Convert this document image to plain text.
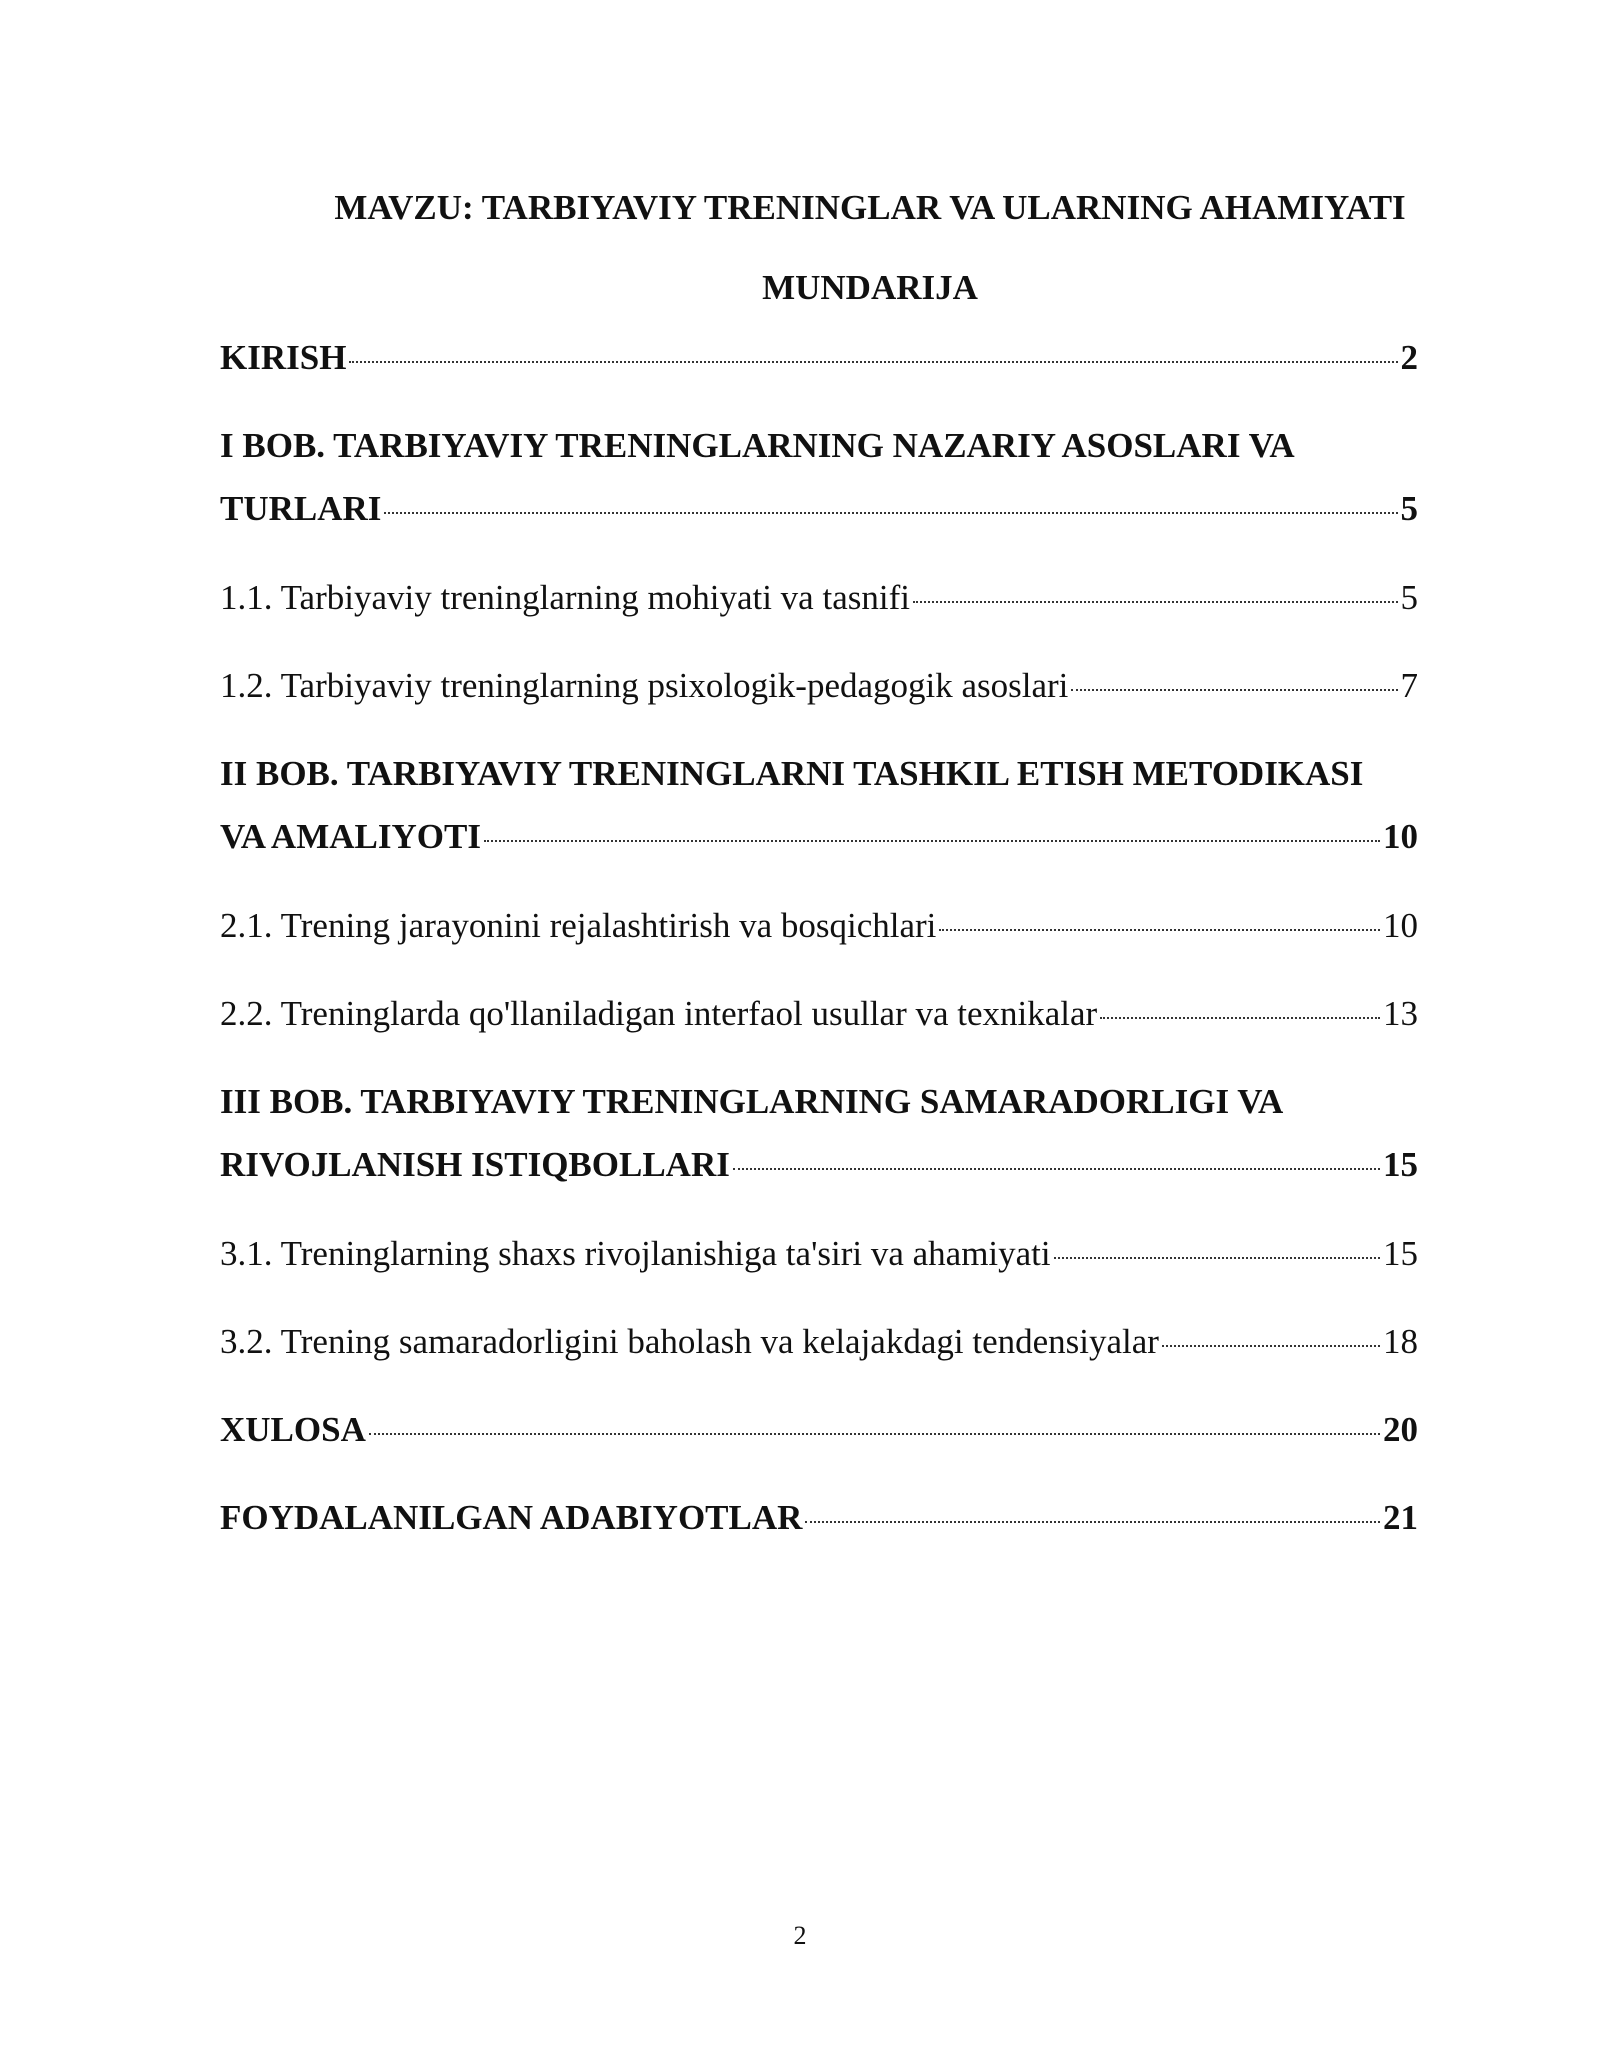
MAVZU: TARBIYAVIY TRENINGLAR VA ULARNING AHAMIYATI
MUNDARIJA
KIRISH	2
I BOB. TARBIYAVIY TRENINGLARNING NAZARIY ASOSLARI VA
TURLARI	5
1.1. Tarbiyaviy treninglarning mohiyati va tasnifi	5
1.2. Tarbiyaviy treninglarning psixologik-pedagogik asoslari	7
II BOB. TARBIYAVIY TRENINGLARNI TASHKIL ETISH METODIKASI
VA AMALIYOTI	10
2.1. Trening jarayonini rejalashtirish va bosqichlari	10
2.2. Treninglarda qo'llaniladigan interfaol usullar va texnikalar	13
III BOB. TARBIYAVIY TRENINGLARNING SAMARADORLIGI VA
RIVOJLANISH ISTIQBOLLARI	15
3.1. Treninglarning shaxs rivojlanishiga ta'siri va ahamiyati	15
3.2. Trening samaradorligini baholash va kelajakdagi tendensiyalar	18
XULOSA	20
FOYDALANILGAN ADABIYOTLAR	21
2
